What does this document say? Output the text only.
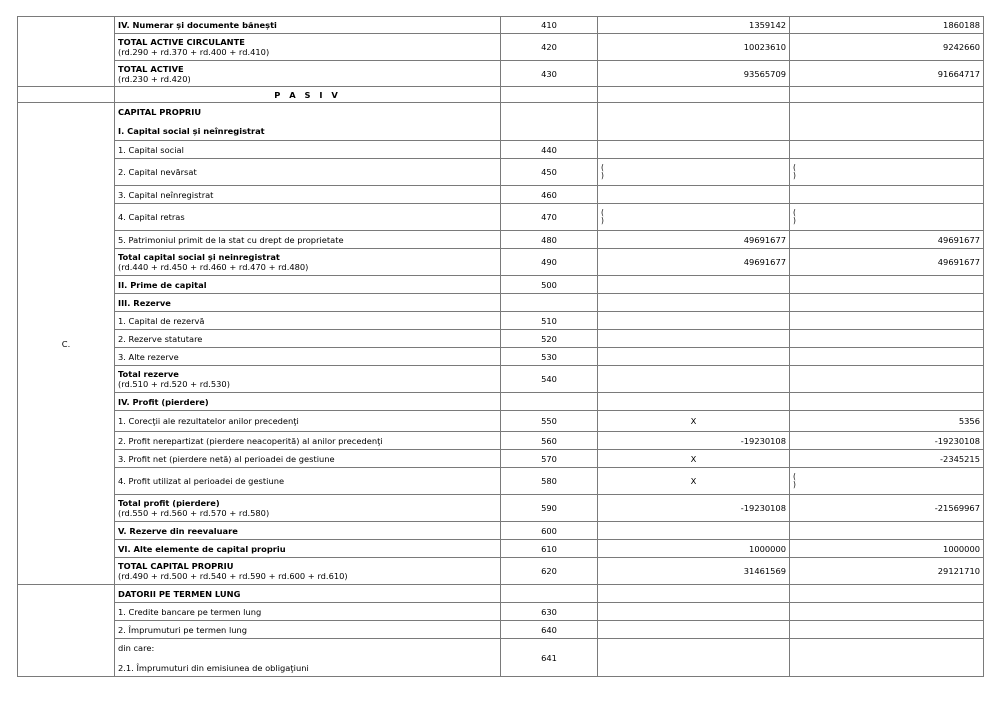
	IV. Numerar și documente bănești	410	1359142	1860188
	TOTAL ACTIVE CIRCULANTE
(rd.290 + rd.370 + rd.400 + rd.410)	420	10023610	9242660
	TOTAL ACTIVE
(rd.230 + rd.420)	430	93565709	91664717
	P A S I V			
C.	CAPITAL PROPRIU

I. Capital social și neînregistrat			
	1. Capital social	440		
	2. Capital nevărsat	450	(
)	(
)
	3. Capital neînregistrat	460		
	4. Capital retras	470	(
)	(
)
	5. Patrimoniul primit de la stat cu drept de proprietate	480	49691677	49691677
	Total capital social și neinregistrat
(rd.440 + rd.450 + rd.460 + rd.470 + rd.480)	490	49691677	49691677
	II. Prime de capital	500		
	III. Rezerve			
	1. Capital de rezervă	510		
	2. Rezerve statutare	520		
	3. Alte rezerve	530		
	Total rezerve
(rd.510 + rd.520 + rd.530)	540		
	IV. Profit (pierdere)			
	1. Corecţii ale rezultatelor anilor precedenţi	550	X	5356
	2. Profit nerepartizat (pierdere neacoperită) al anilor precedenţi	560	-19230108	-19230108
	3. Profit net (pierdere netă) al perioadei de gestiune	570	X	-2345215
	4. Profit utilizat al perioadei de gestiune	580	X	(
)
	Total profit (pierdere)
(rd.550 + rd.560 + rd.570 + rd.580)	590	-19230108	-21569967
	V. Rezerve din reevaluare	600		
	VI. Alte elemente de capital propriu	610	1000000	1000000
	TOTAL CAPITAL PROPRIU
(rd.490 + rd.500 + rd.540 + rd.590 + rd.600 + rd.610)	620	31461569	29121710
	DATORII PE TERMEN LUNG			
	1. Credite bancare pe termen lung	630		
	2. Împrumuturi pe termen lung	640		
	din care:
2.1. Împrumuturi din emisiunea de obligaţiuni	641		
